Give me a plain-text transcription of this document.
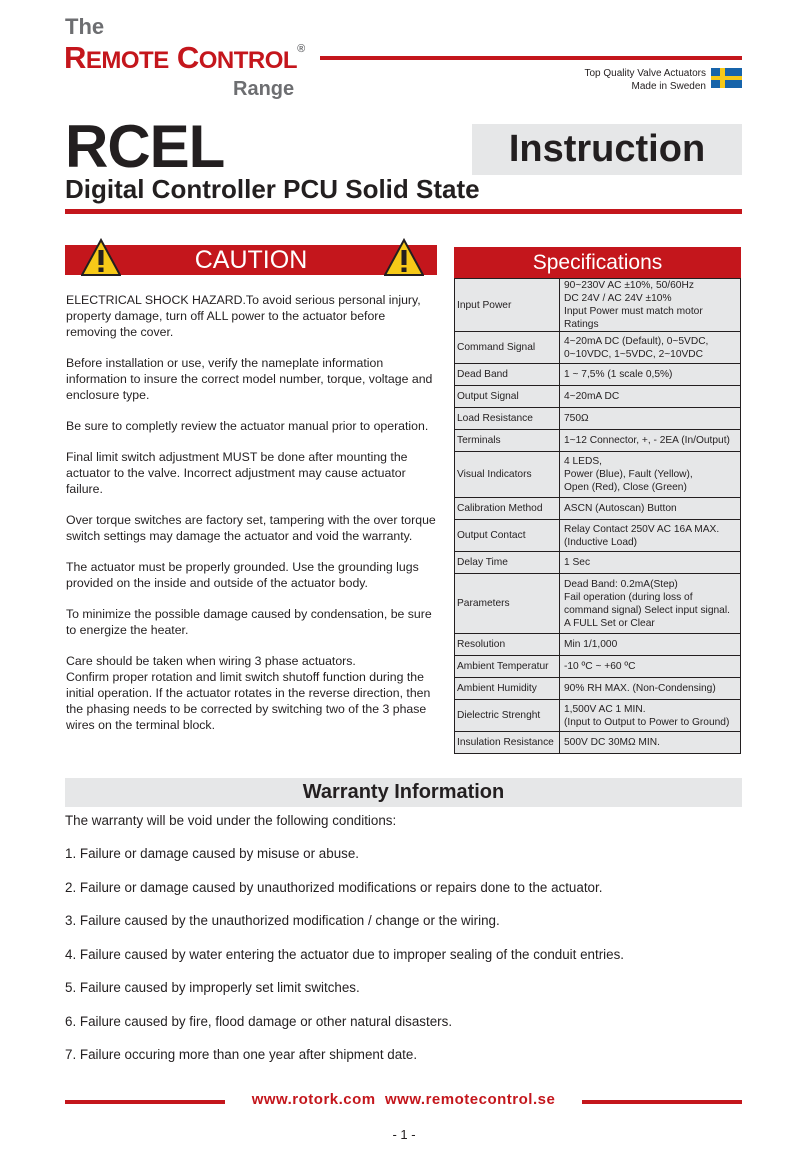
The
REMOTE CONTROL®
Range
Top Quality Valve Actuators
Made in Sweden
RCEL	Instruction
Digital Controller PCU Solid State
CAUTION

ELECTRICAL SHOCK HAZARD.To avoid serious personal injury, property damage, turn off ALL power to the actuator before removing the cover.

Before installation or use, verify the nameplate information information to insure the correct model number, torque, voltage and enclosure type.

Be sure to completly review the actuator manual prior to operation.

Final limit switch adjustment MUST be done after mounting the actuator to the valve. Incorrect adjustment may cause actuator failure.

Over torque switches are factory set, tampering with the over torque switch settings may damage the actuator and void the warranty.

The actuator must be properly grounded. Use the grounding lugs provided on the inside and outside of the actuator body.

To minimize the possible damage caused by condensation, be sure to energize the heater.

Care should be taken when wiring 3 phase actuators.
Confirm proper rotation and limit switch shutoff function during the initial operation. If the actuator rotates in the reverse direction, then the phasing needs to be corrected by switching two of the 3 phase wires on the terminal block.

Specifications
Input Power	90~230V AC ±10%, 50/60Hz
DC 24V / AC 24V ±10%
Input Power must match motor Ratings
Command Signal	4~20mA DC (Default), 0~5VDC,
0~10VDC, 1~5VDC, 2~10VDC
Dead Band	1 ~ 7,5% (1 scale 0,5%)
Output Signal	4~20mA DC
Load Resistance	750Ω
Terminals	1~12 Connector, +, - 2EA (In/Output)
Visual Indicators	4 LEDS,
Power (Blue), Fault (Yellow),
Open (Red), Close (Green)
Calibration Method	ASCN (Autoscan) Button
Output Contact	Relay Contact 250V AC 16A MAX.
(Inductive Load)
Delay Time	1 Sec
Parameters	Dead Band: 0.2mA(Step)
Fail operation (during loss of command signal) Select input signal. A FULL Set or Clear
Resolution	Min 1/1,000
Ambient Temperatur	-10 ºC ~ +60 ºC
Ambient Humidity	90% RH MAX. (Non-Condensing)
Dielectric Strenght	1,500V AC 1 MIN.
(Input to Output to Power to Ground)
Insulation Resistance	500V DC 30MΩ MIN.
Warranty Information
The warranty will be void under the following conditions:
1. Failure or damage caused by misuse or abuse.
2. Failure or damage caused by unauthorized modifications or repairs done to the actuator.
3. Failure caused by the unauthorized modification / change or the wiring.
4. Failure caused by water entering the actuator due to improper sealing of the conduit entries.
5. Failure caused by improperly set limit switches.
6. Failure caused by fire, flood damage or other natural disasters.
7. Failure occuring more than one year after shipment date.
www.rotork.com  www.remotecontrol.se
- 1 -
